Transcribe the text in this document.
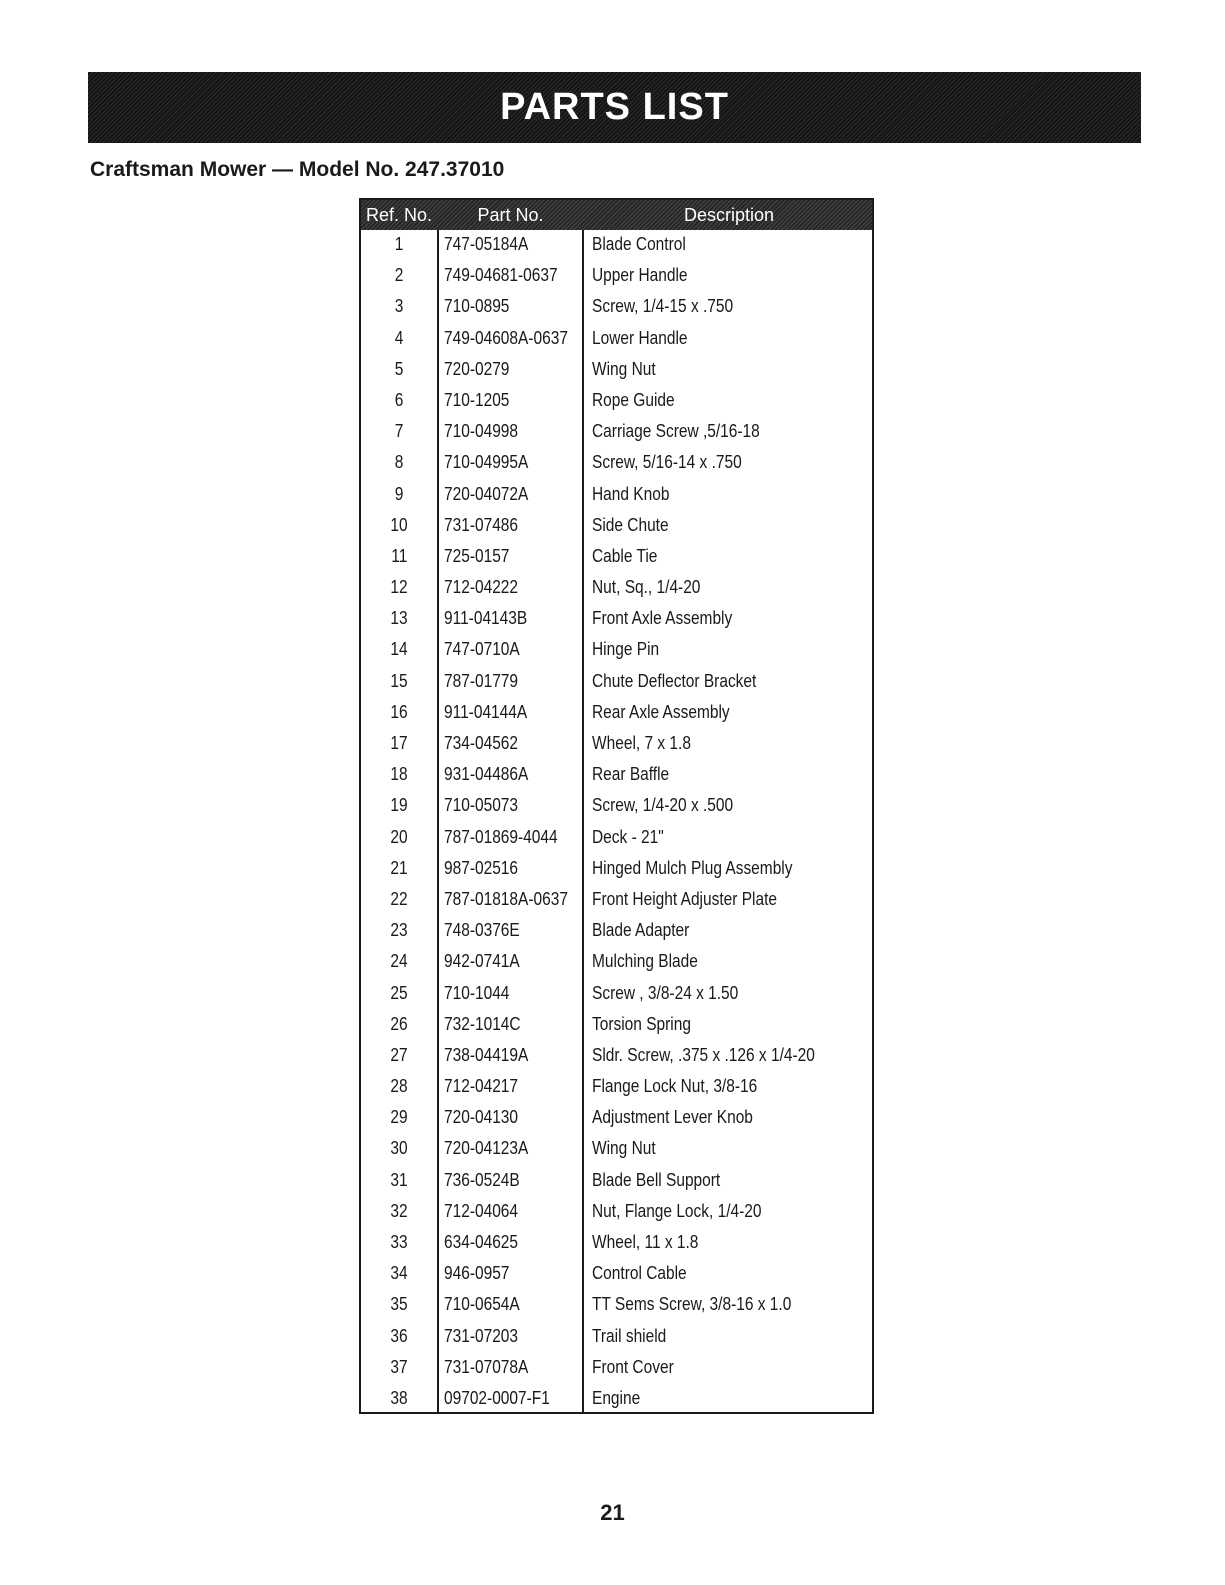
PARTS LIST
Craftsman Mower — Model No. 247.37010
Ref. No.	Part No.	Description
1	747-05184A	Blade Control
2	749-04681-0637	Upper Handle
3	710-0895	Screw, 1/4-15 x .750
4	749-04608A-0637	Lower Handle
5	720-0279	Wing Nut
6	710-1205	Rope Guide
7	710-04998	Carriage Screw ,5/16-18
8	710-04995A	Screw, 5/16-14 x .750
9	720-04072A	Hand Knob
10	731-07486	Side Chute
11	725-0157	Cable Tie
12	712-04222	Nut, Sq., 1/4-20
13	911-04143B	Front Axle Assembly
14	747-0710A	Hinge Pin
15	787-01779	Chute Deflector Bracket
16	911-04144A	Rear Axle Assembly
17	734-04562	Wheel, 7 x 1.8
18	931-04486A	Rear Baffle
19	710-05073	Screw, 1/4-20 x .500
20	787-01869-4044	Deck - 21"
21	987-02516	Hinged Mulch Plug Assembly
22	787-01818A-0637	Front Height Adjuster Plate
23	748-0376E	Blade Adapter
24	942-0741A	Mulching Blade
25	710-1044	Screw , 3/8-24 x 1.50
26	732-1014C	Torsion Spring
27	738-04419A	Sldr. Screw, .375 x .126 x 1/4-20
28	712-04217	Flange Lock Nut, 3/8-16
29	720-04130	Adjustment Lever Knob
30	720-04123A	Wing Nut
31	736-0524B	Blade Bell Support
32	712-04064	Nut, Flange Lock, 1/4-20
33	634-04625	Wheel, 11 x 1.8
34	946-0957	Control Cable
35	710-0654A	TT Sems Screw, 3/8-16 x 1.0
36	731-07203	Trail shield
37	731-07078A	Front Cover
38	09702-0007-F1	Engine
21
